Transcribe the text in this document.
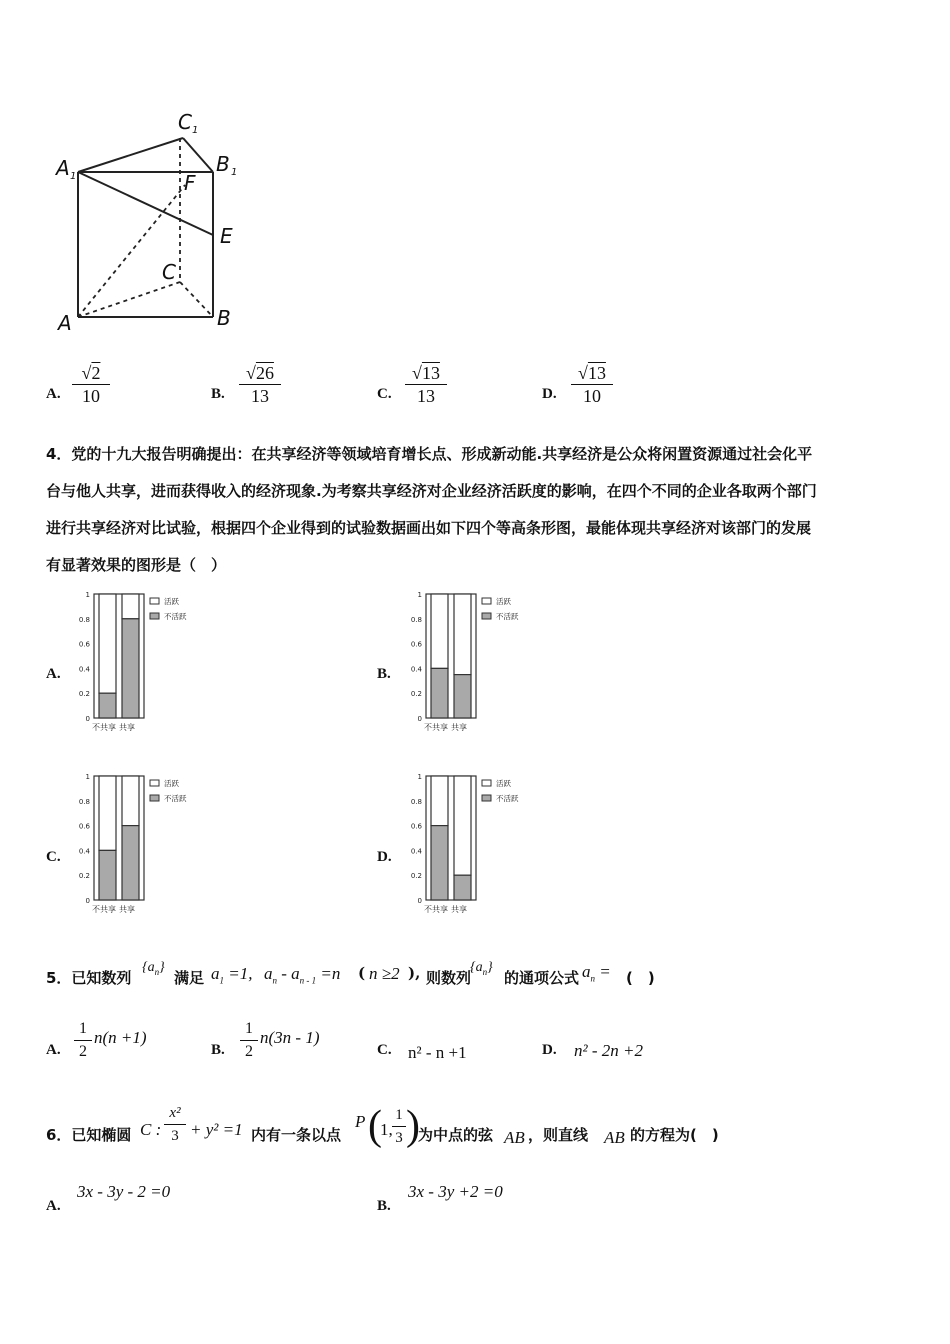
C 1
A 1
B 1
F
E
C
A	B
A. $\frac{√2}{10}$	B. $\frac{√26}{13}$	C. $\frac{√13}{13}$	D. $\frac{√13}{10}$
4．党的十九大报告明确提出：在共享经济等领域培育增长点、形成新动能.共享经济是公众将闲置资源通过社会化平
台与他人共享，进而获得收入的经济现象.为考察共享经济对企业经济活跃度的影响，在四个不同的企业各取两个部门
进行共享经济对比试验，根据四个企业得到的试验数据画出如下四个等高条形图，最能体现共享经济对该部门的发展
有显著效果的图形是（　）
A.	B.
C.	D.
1
0.8
0.6
0.4
0.2
0
不共享 共享
活跃
不活跃
1
0.8
0.6
0.4
0.2
0
不共享 共享
活跃
不活跃
1
0.8
0.6
0.4
0.2
0
不共享 共享
活跃
不活跃
1
0.8
0.6
0.4
0.2
0
不共享 共享
活跃
不活跃
5．已知数列
$\{a_n\}$
满足 $a_1 =1$, $a_n - a_{n - 1} =n$ ( n ≥2 ), 则数列
$\{a_n\}$
的通项公式 $a_n$ = (　)
A. $\frac{1}{2} n(n +1)$
B. $\frac{1}{2} n(3n - 1)$
C. n² - n +1	D. n² - 2n +2
6．已知椭圆 C : $\frac{\text{x²}}{3} + y^2 =1$ 内有一条以点
P (
1, $\frac{1}{3}$ )
为中点的弦 AB ，则直线 AB 的方程为(　)
A.
3x - 3y - 2 =0
B.
3x - 3y +2 =0
